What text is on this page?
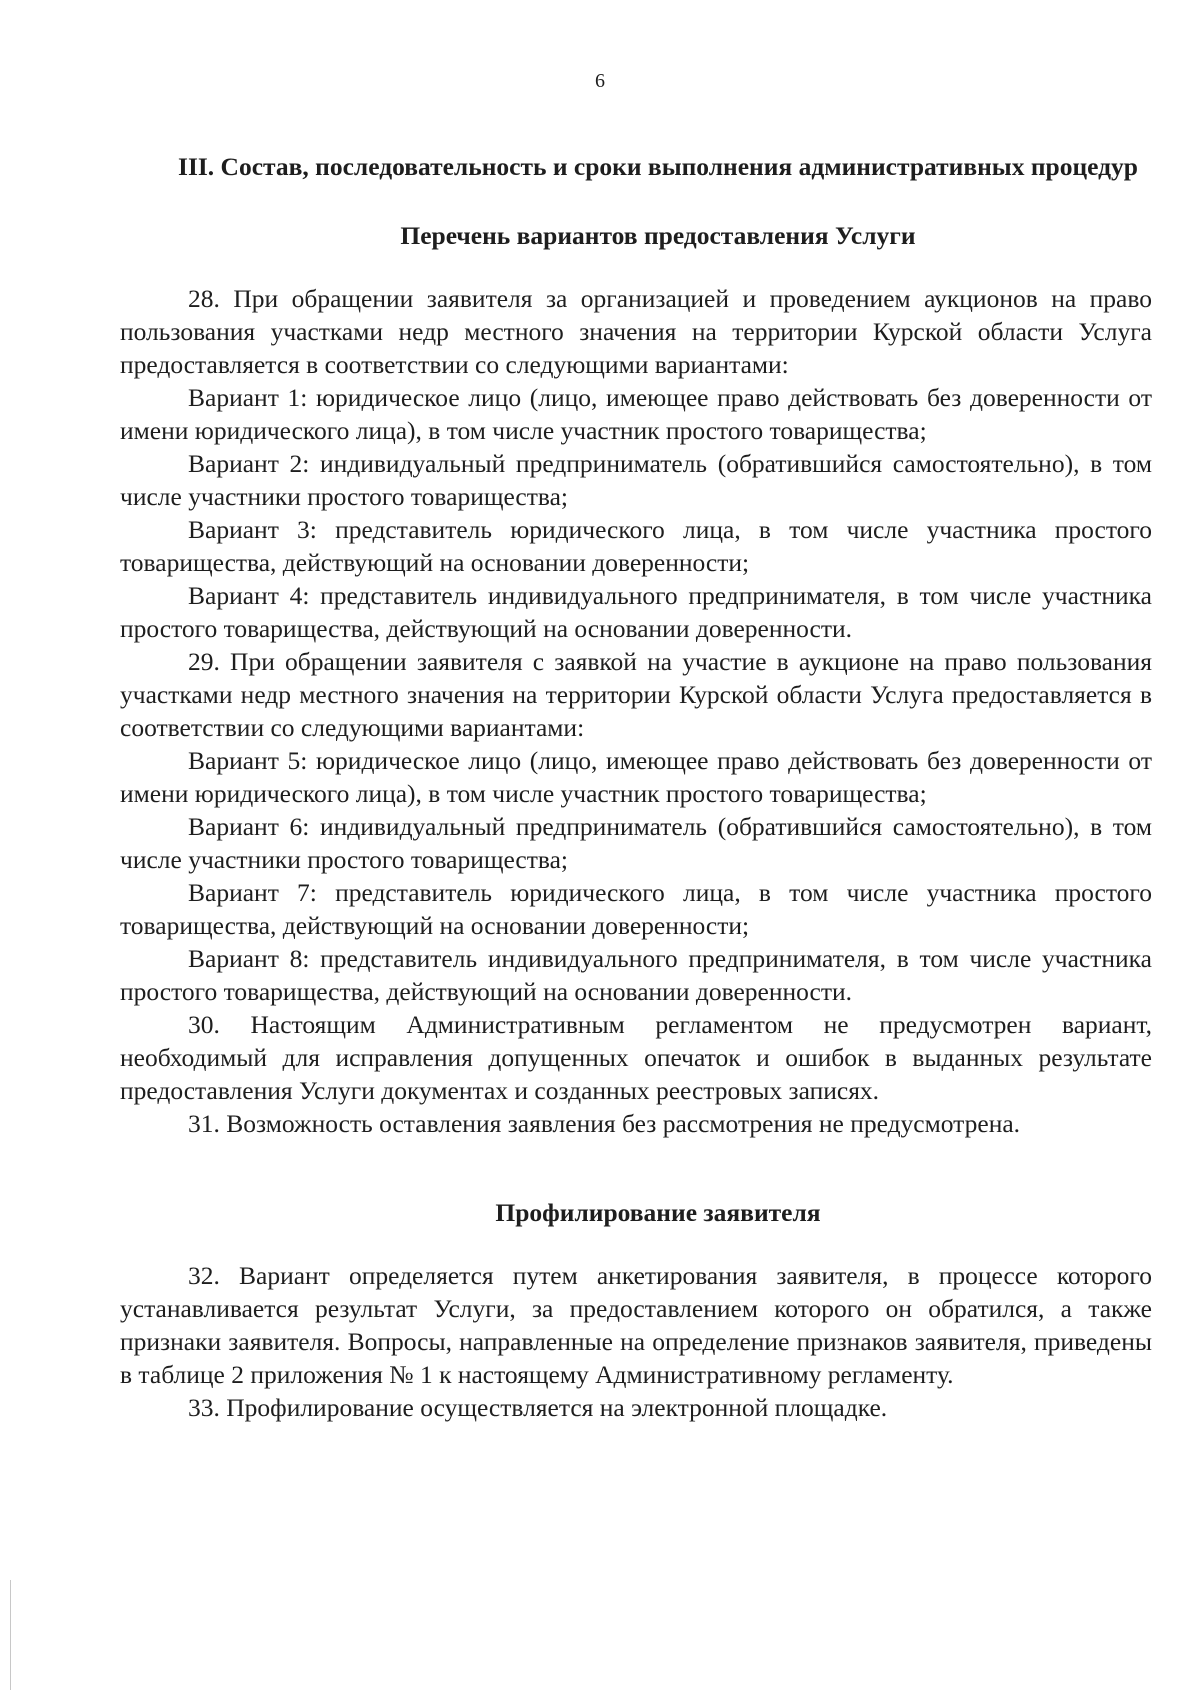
6
III. Состав, последовательность и сроки выполнения административных процедур
Перечень вариантов предоставления Услуги

28. При обращении заявителя за организацией и проведением аукционов на право пользования участками недр местного значения на территории Курской области Услуга предоставляется в соответствии со следующими вариантами:

Вариант 1: юридическое лицо (лицо, имеющее право действовать без доверенности от имени юридического лица), в том числе участник простого товарищества;

Вариант 2: индивидуальный предприниматель (обратившийся самостоятельно), в том числе участники простого товарищества;

Вариант 3: представитель юридического лица, в том числе участника простого товарищества, действующий на основании доверенности;

Вариант 4: представитель индивидуального предпринимателя, в том числе участника простого товарищества, действующий на основании доверенности.

29. При обращении заявителя с заявкой на участие в аукционе на право пользования участками недр местного значения на территории Курской области Услуга предоставляется в соответствии со следующими вариантами:

Вариант 5: юридическое лицо (лицо, имеющее право действовать без доверенности от имени юридического лица), в том числе участник простого товарищества;

Вариант 6: индивидуальный предприниматель (обратившийся самостоятельно), в том числе участники простого товарищества;

Вариант 7: представитель юридического лица, в том числе участника простого товарищества, действующий на основании доверенности;

Вариант 8: представитель индивидуального предпринимателя, в том числе участника простого товарищества, действующий на основании доверенности.

30. Настоящим Административным регламентом не предусмотрен вариант, необходимый для исправления допущенных опечаток и ошибок в выданных результате предоставления Услуги документах и созданных реестровых записях.

31. Возможность оставления заявления без рассмотрения не предусмотрена.

Профилирование заявителя

32. Вариант определяется путем анкетирования заявителя, в процессе которого устанавливается результат Услуги, за предоставлением которого он обратился, а также признаки заявителя. Вопросы, направленные на определение признаков заявителя, приведены в таблице 2 приложения № 1 к настоящему Административному регламенту.

33. Профилирование осуществляется на электронной площадке.
